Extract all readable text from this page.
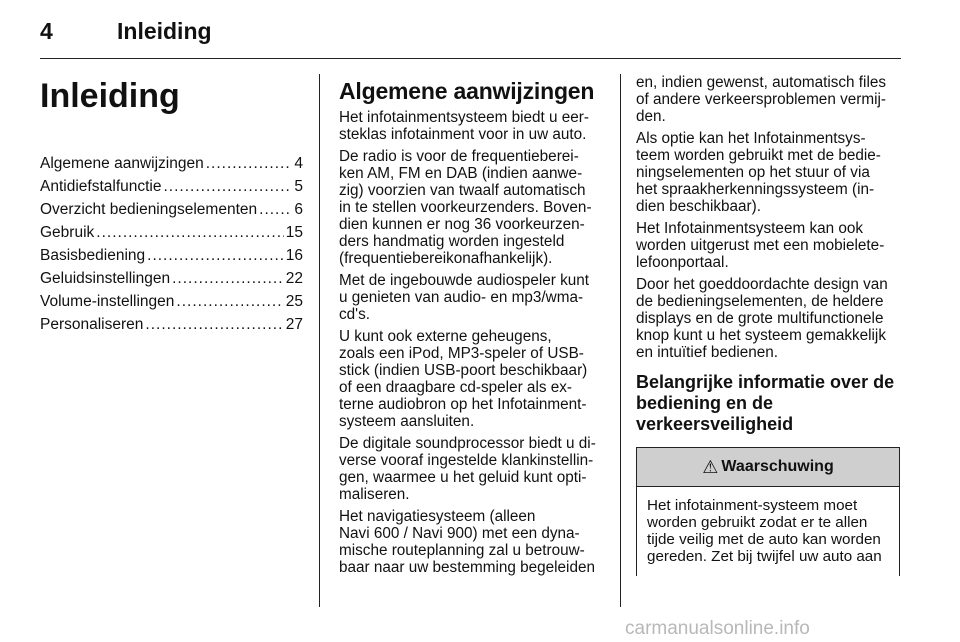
4	Inleiding
Inleiding
Algemene aanwijzingen .....	4
Antidiefstalfunctie .....	5
Overzicht bedieningselementen ..... 6
Gebruik .....	15
Basisbediening .....	16
Geluidsinstellingen .....	22
Volume-instellingen .....	25
Personaliseren .....	27
Algemene aanwijzingen

Het infotainmentsysteem biedt u eer-
steklas infotainment voor in uw auto.

De radio is voor de frequentieberei-
ken AM, FM en DAB (indien aanwe-
zig) voorzien van twaalf automatisch
in te stellen voorkeurzenders. Boven-
dien kunnen er nog 36 voorkeurzen-
ders handmatig worden ingesteld
(frequentiebereikonafhankelijk).

Met de ingebouwde audiospeler kunt
u genieten van audio- en mp3/wma-
cd's.

U kunt ook externe geheugens,
zoals een iPod, MP3-speler of USB-
stick (indien USB-poort beschikbaar)
of een draagbare cd-speler als ex-
terne audiobron op het Infotainment-
systeem aansluiten.

De digitale soundprocessor biedt u di-
verse vooraf ingestelde klankinstellin-
gen, waarmee u het geluid kunt opti-
maliseren.

Het navigatiesysteem (alleen
Navi 600 / Navi 900) met een dyna-
mische routeplanning zal u betrouw-
baar naar uw bestemming begeleiden

en, indien gewenst, automatisch files
of andere verkeersproblemen vermij-
den.

Als optie kan het Infotainmentsys-
teem worden gebruikt met de bedie-
ningselementen op het stuur of via
het spraakherkenningssysteem (in-
dien beschikbaar).

Het Infotainmentsysteem kan ook
worden uitgerust met een mobielete-
lefoonportaal.

Door het goeddoordachte design van
de bedieningselementen, de heldere
displays en de grote multifunctionele
knop kunt u het systeem gemakkelijk
en intuïtief bedienen.

Belangrijke informatie over de
bediening en de
verkeersveiligheid
⚠ Waarschuwing
Het infotainment-systeem moet
worden gebruikt zodat er te allen
tijde veilig met de auto kan worden
gereden. Zet bij twijfel uw auto aan
carmanualsonline.info
